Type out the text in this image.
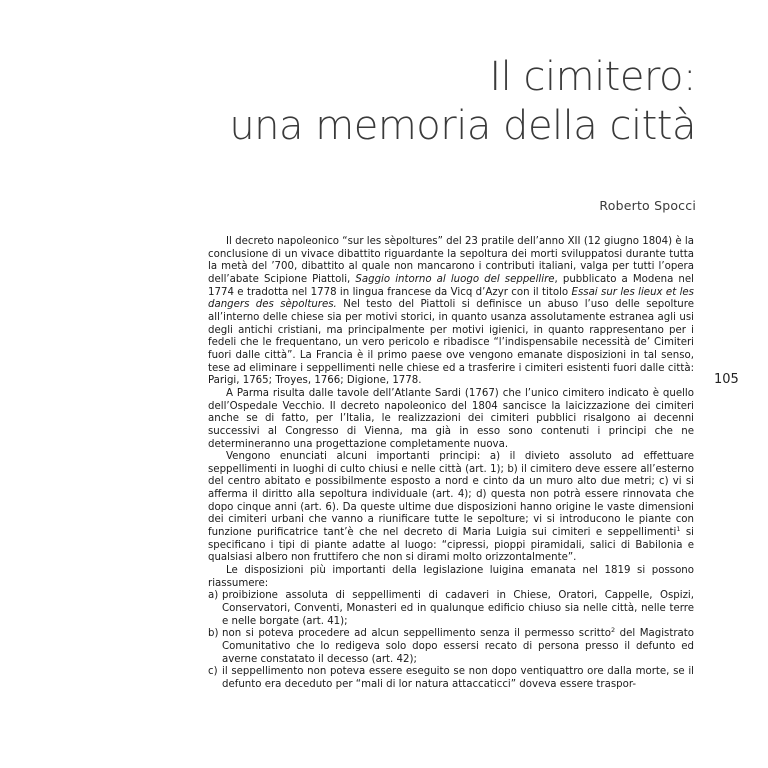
Il cimitero:
una memoria della città
Roberto Spocci
105

Il decreto napoleonico “sur les sèpoltures” del 23 pratile dell’anno XII (12 giugno 1804) è la conclusione di un vivace dibattito riguardante la sepoltura dei morti sviluppatosi durante tutta la metà del ’700, dibattito al quale non mancarono i contributi italiani, valga per tutti l’opera dell’abate Scipione Piattoli, Saggio intorno al luogo del seppellire, pubblicato a Modena nel 1774 e tradotta nel 1778 in lingua francese da Vicq d’Azyr con il titolo Essai sur les lieux et les dangers des sèpoltures. Nel testo del Piattoli si definisce un abuso l’uso delle sepolture all’interno delle chiese sia per motivi storici, in quanto usanza assolutamente estranea agli usi degli antichi cristiani, ma principalmente per motivi igienici, in quanto rappresentano per i fedeli che le frequentano, un vero pericolo e ribadisce “l’indispensabile necessità de’ Cimiteri fuori dalle città”. La Francia è il primo paese ove vengono emanate disposizioni in tal senso, tese ad eliminare i seppellimenti nelle chiese ed a trasferire i cimiteri esistenti fuori dalle città: Parigi, 1765; Troyes, 1766; Digione, 1778.

A Parma risulta dalle tavole dell’Atlante Sardi (1767) che l’unico cimitero indicato è quello dell’Ospedale Vecchio. Il decreto napoleonico del 1804 sancisce la laicizzazione dei cimiteri anche se di fatto, per l’Italia, le realizzazioni dei cimiteri pubblici risalgono ai decenni successivi al Congresso di Vienna, ma già in esso sono contenuti i principi che ne determineranno una progettazione completamente nuova.

Vengono enunciati alcuni importanti principi: a) il divieto assoluto ad effettuare seppellimenti in luoghi di culto chiusi e nelle città (art. 1); b) il cimitero deve essere all’esterno del centro abitato e possibilmente esposto a nord e cinto da un muro alto due metri; c) vi si afferma il diritto alla sepoltura individuale (art. 4); d) questa non potrà essere rinnovata che dopo cinque anni (art. 6). Da queste ultime due disposizioni hanno origine le vaste dimensioni dei cimiteri urbani che vanno a riunificare tutte le sepolture; vi si introducono le piante con funzione purificatrice tant’è che nel decreto di Maria Luigia sui cimiteri e seppellimenti$^1$ si specificano i tipi di piante adatte al luogo: “cipressi, pioppi piramidali, salici di Babilonia e qualsiasi albero non fruttifero che non si dirami molto orizzontalmente”.

Le disposizioni più importanti della legislazione luigina emanata nel 1819 si possono riassumere:

a) proibizione assoluta di seppellimenti di cadaveri in Chiese, Oratori, Cappelle, Ospizi, Conservatori, Conventi, Monasteri ed in qualunque edificio chiuso sia nelle città, nelle terre e nelle borgate (art. 41);
b) non si poteva procedere ad alcun seppellimento senza il permesso scritto$^2$ del Magistrato Comunitativo che lo redigeva solo dopo essersi recato di persona presso il defunto ed averne constatato il decesso (art. 42);
c) il seppellimento non poteva essere eseguito se non dopo ventiquattro ore dalla morte, se il defunto era deceduto per “mali di lor natura attaccaticci” doveva essere traspor-
